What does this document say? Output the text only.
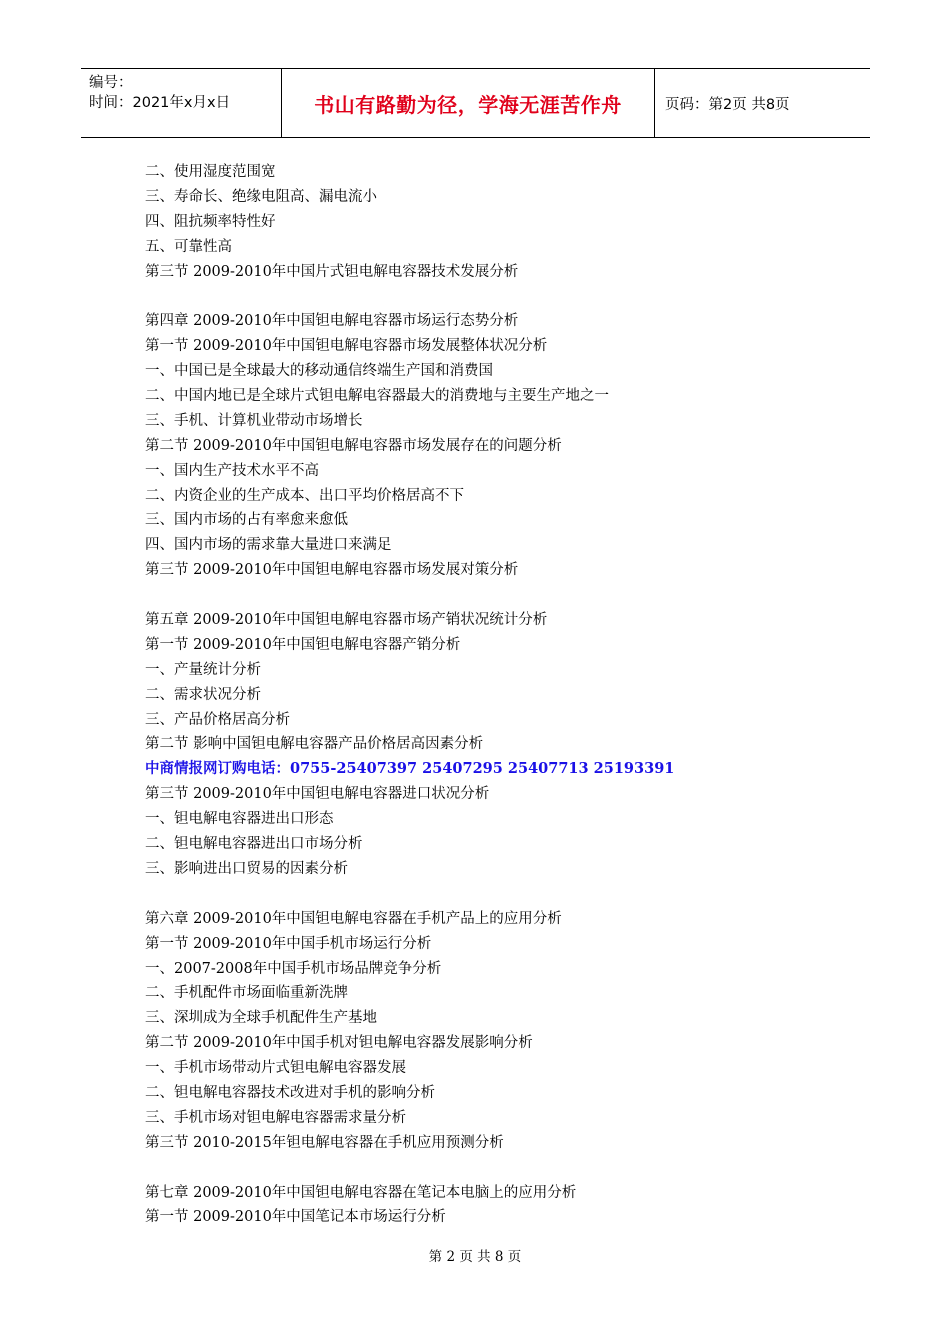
编号：
时间：2021年x月x日	书山有路勤为径，学海无涯苦作舟	页码：第2页 共8页
二、使用湿度范围宽
三、寿命长、绝缘电阻高、漏电流小
四、阻抗频率特性好
五、可靠性高
第三节 2009-2010年中国片式钽电解电容器技术发展分析
第四章 2009-2010年中国钽电解电容器市场运行态势分析
第一节 2009-2010年中国钽电解电容器市场发展整体状况分析
一、中国已是全球最大的移动通信终端生产国和消费国
二、中国内地已是全球片式钽电解电容器最大的消费地与主要生产地之一
三、手机、计算机业带动市场增长
第二节 2009-2010年中国钽电解电容器市场发展存在的问题分析
一、国内生产技术水平不高
二、内资企业的生产成本、出口平均价格居高不下
三、国内市场的占有率愈来愈低
四、国内市场的需求靠大量进口来满足
第三节 2009-2010年中国钽电解电容器市场发展对策分析
第五章 2009-2010年中国钽电解电容器市场产销状况统计分析
第一节 2009-2010年中国钽电解电容器产销分析
一、产量统计分析
二、需求状况分析
三、产品价格居高分析
第二节 影响中国钽电解电容器产品价格居高因素分析
中商情报网订购电话：0755-25407397 25407295 25407713 25193391
第三节 2009-2010年中国钽电解电容器进口状况分析
一、钽电解电容器进出口形态
二、钽电解电容器进出口市场分析
三、影响进出口贸易的因素分析
第六章 2009-2010年中国钽电解电容器在手机产品上的应用分析
第一节 2009-2010年中国手机市场运行分析
一、2007-2008年中国手机市场品牌竞争分析
二、手机配件市场面临重新洗牌
三、深圳成为全球手机配件生产基地
第二节 2009-2010年中国手机对钽电解电容器发展影响分析
一、手机市场带动片式钽电解电容器发展
二、钽电解电容器技术改进对手机的影响分析
三、手机市场对钽电解电容器需求量分析
第三节 2010-2015年钽电解电容器在手机应用预测分析
第七章 2009-2010年中国钽电解电容器在笔记本电脑上的应用分析
第一节 2009-2010年中国笔记本市场运行分析
第 2 页 共 8 页
